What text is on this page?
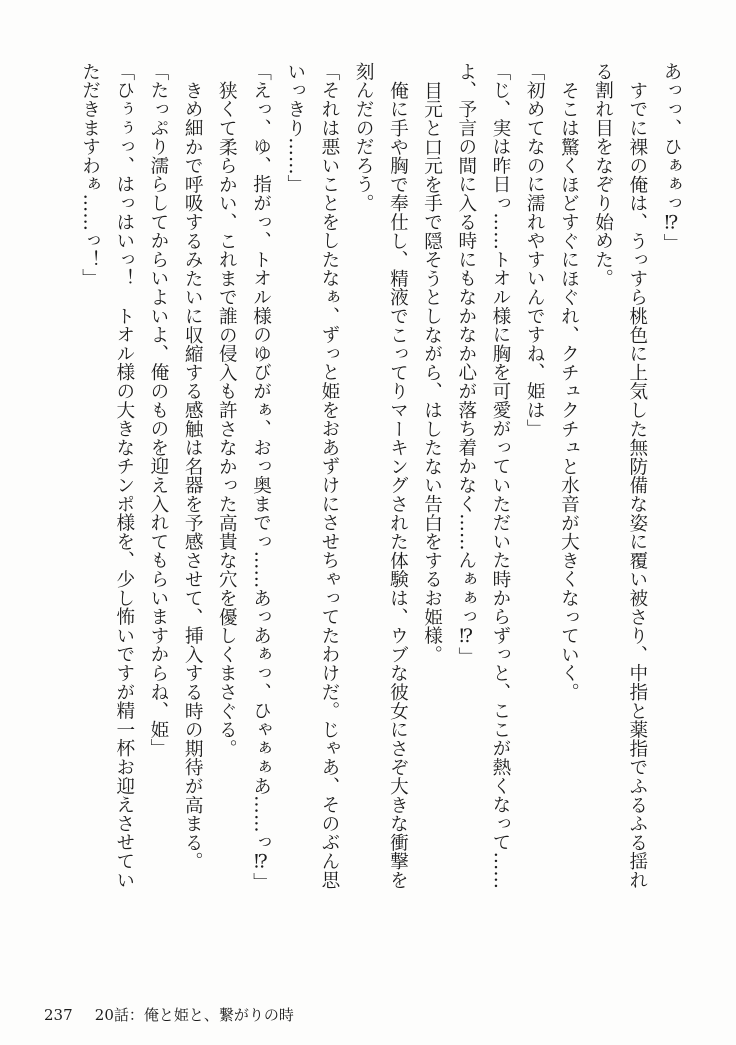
あっっ、ひぁぁっ⁉」

すでに裸の俺は、うっすら桃色に上気した無防備な姿に覆い被さり、中指と薬指でふるふる揺れ

る割れ目をなぞり始めた。

そこは驚くほどすぐにほぐれ、クチュクチュと水音が大きくなっていく。

「初めてなのに濡れやすいんですね、姫は」

「じ、実は昨日っ……トオル様に胸を可愛がっていただいた時からずっと、ここが熱くなって……

よ、予言の間に入る時にもなかなか心が落ち着かなく……んぁぁっ⁉」

目元と口元を手で隠そうとしながら、はしたない告白をするお姫様。

俺に手や胸で奉仕し、精液でこってりマーキングされた体験は、ウブな彼女にさぞ大きな衝撃を

刻んだのだろう。

「それは悪いことをしたなぁ、ずっと姫をおあずけにさせちゃってたわけだ。じゃあ、そのぶん思

いっきり……」

「えっ、ゆ、指がっ、トオル様のゆびがぁ、おっ奥までっ……あっあぁっ、ひゃぁぁあ……っ⁉」

狭くて柔らかい、これまで誰の侵入も許さなかった高貴な穴を優しくまさぐる。

きめ細かで呼吸するみたいに収縮する感触は名器を予感させて、挿入する時の期待が高まる。

「たっぷり濡らしてからいよいよ、俺のものを迎え入れてもらいますからね、姫」

「ひぅぅっ、はっはいっ！　トオル様の大きなチンポ様を、少し怖いですが精一杯お迎えさせてい

ただきますわぁ……っ！」

237 20話：俺と姫と、繋がりの時
